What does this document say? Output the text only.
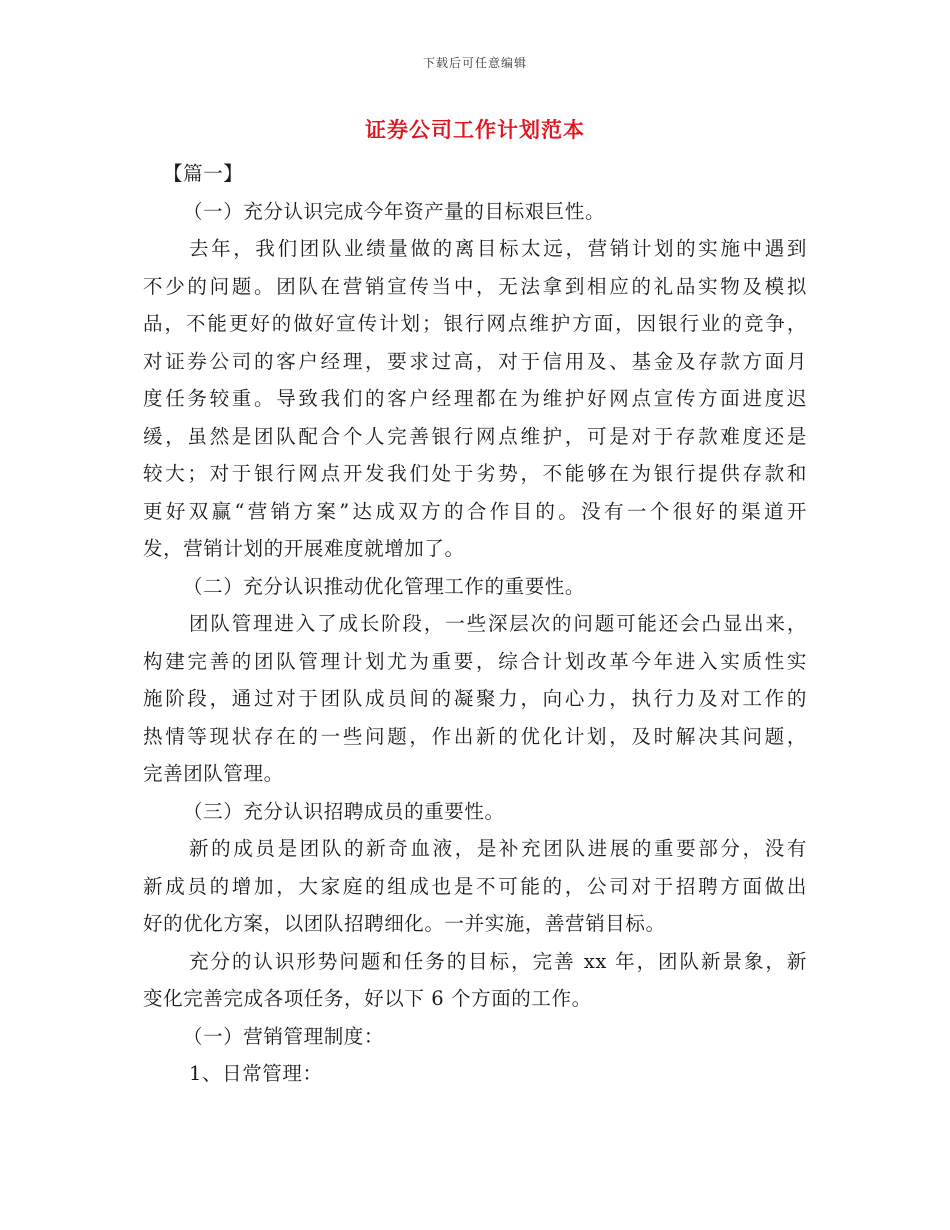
下载后可任意编辑
证券公司工作计划范本
【篇一】
（一）充分认识完成今年资产量的目标艰巨性。
去年，我们团队业绩量做的离目标太远，营销计划的实施中遇到
不少的问题。团队在营销宣传当中，无法拿到相应的礼品实物及模拟
品，不能更好的做好宣传计划；银行网点维护方面，因银行业的竞争，
对证券公司的客户经理，要求过高，对于信用及、基金及存款方面月
度任务较重。导致我们的客户经理都在为维护好网点宣传方面进度迟
缓，虽然是团队配合个人完善银行网点维护，可是对于存款难度还是
较大；对于银行网点开发我们处于劣势，不能够在为银行提供存款和
更好双赢“营销方案”达成双方的合作目的。没有一个很好的渠道开
发，营销计划的开展难度就增加了。
（二）充分认识推动优化管理工作的重要性。
团队管理进入了成长阶段，一些深层次的问题可能还会凸显出来，
构建完善的团队管理计划尤为重要，综合计划改革今年进入实质性实
施阶段，通过对于团队成员间的凝聚力，向心力，执行力及对工作的
热情等现状存在的一些问题，作出新的优化计划，及时解决其问题，
完善团队管理。
（三）充分认识招聘成员的重要性。
新的成员是团队的新奇血液，是补充团队进展的重要部分，没有
新成员的增加，大家庭的组成也是不可能的，公司对于招聘方面做出
好的优化方案，以团队招聘细化。一并实施，善营销目标。
充分的认识形势问题和任务的目标，完善 xx 年，团队新景象，新
变化完善完成各项任务，好以下 6 个方面的工作。
（一）营销管理制度：
1、日常管理：
